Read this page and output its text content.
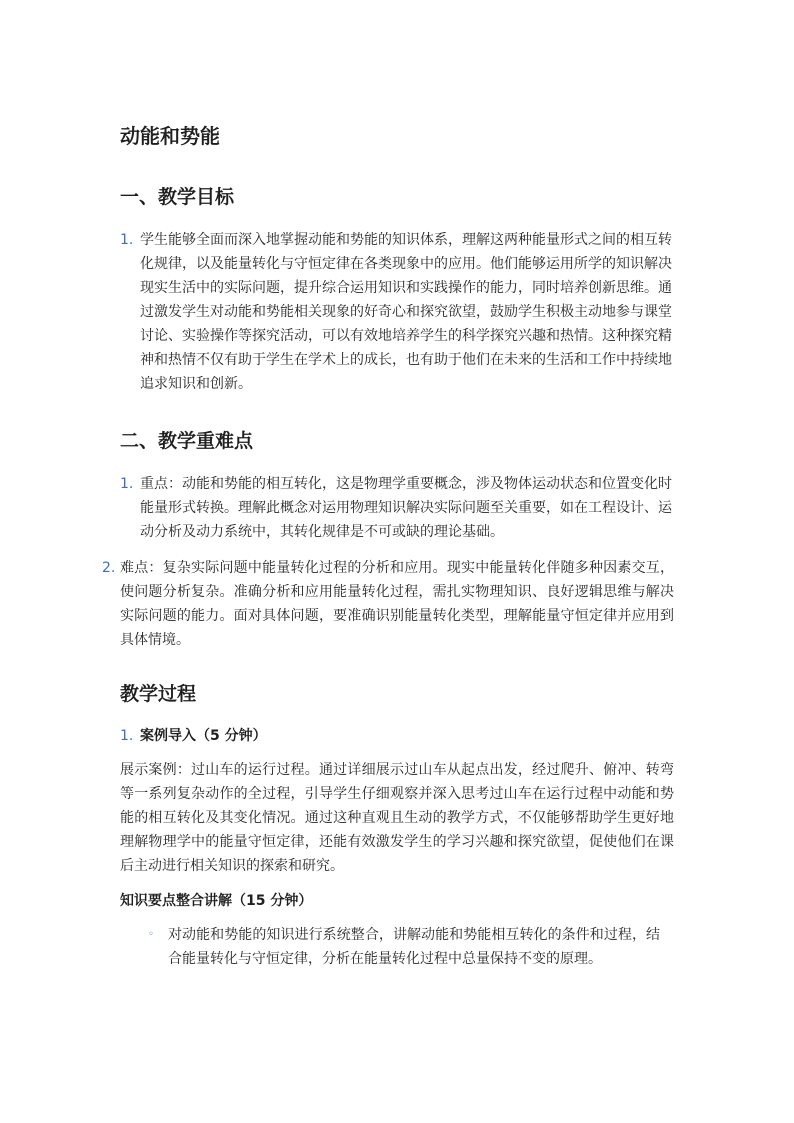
动能和势能
一、教学目标
1. 学生能够全面而深入地掌握动能和势能的知识体系，理解这两种能量形式之间的相互转化规律，以及能量转化与守恒定律在各类现象中的应用。他们能够运用所学的知识解决现实生活中的实际问题，提升综合运用知识和实践操作的能力，同时培养创新思维。通过激发学生对动能和势能相关现象的好奇心和探究欲望，鼓励学生积极主动地参与课堂讨论、实验操作等探究活动，可以有效地培养学生的科学探究兴趣和热情。这种探究精神和热情不仅有助于学生在学术上的成长，也有助于他们在未来的生活和工作中持续地追求知识和创新。

二、教学重难点
1. 重点：动能和势能的相互转化，这是物理学重要概念，涉及物体运动状态和位置变化时能量形式转换。理解此概念对运用物理知识解决实际问题至关重要，如在工程设计、运动分析及动力系统中，其转化规律是不可或缺的理论基础。

2. 难点：复杂实际问题中能量转化过程的分析和应用。现实中能量转化伴随多种因素交互，使问题分析复杂。准确分析和应用能量转化过程，需扎实物理知识、良好逻辑思维与解决实际问题的能力。面对具体问题，要准确识别能量转化类型，理解能量守恒定律并应用到具体情境。

教学过程
1. 案例导入（5 分钟）

展示案例：过山车的运行过程。通过详细展示过山车从起点出发，经过爬升、俯冲、转弯等一系列复杂动作的全过程，引导学生仔细观察并深入思考过山车在运行过程中动能和势能的相互转化及其变化情况。通过这种直观且生动的教学方式，不仅能够帮助学生更好地理解物理学中的能量守恒定律，还能有效激发学生的学习兴趣和探究欲望，促使他们在课后主动进行相关知识的探索和研究。

知识要点整合讲解（15 分钟）
◦ 对动能和势能的知识进行系统整合，讲解动能和势能相互转化的条件和过程，结合能量转化与守恒定律，分析在能量转化过程中总量保持不变的原理。
